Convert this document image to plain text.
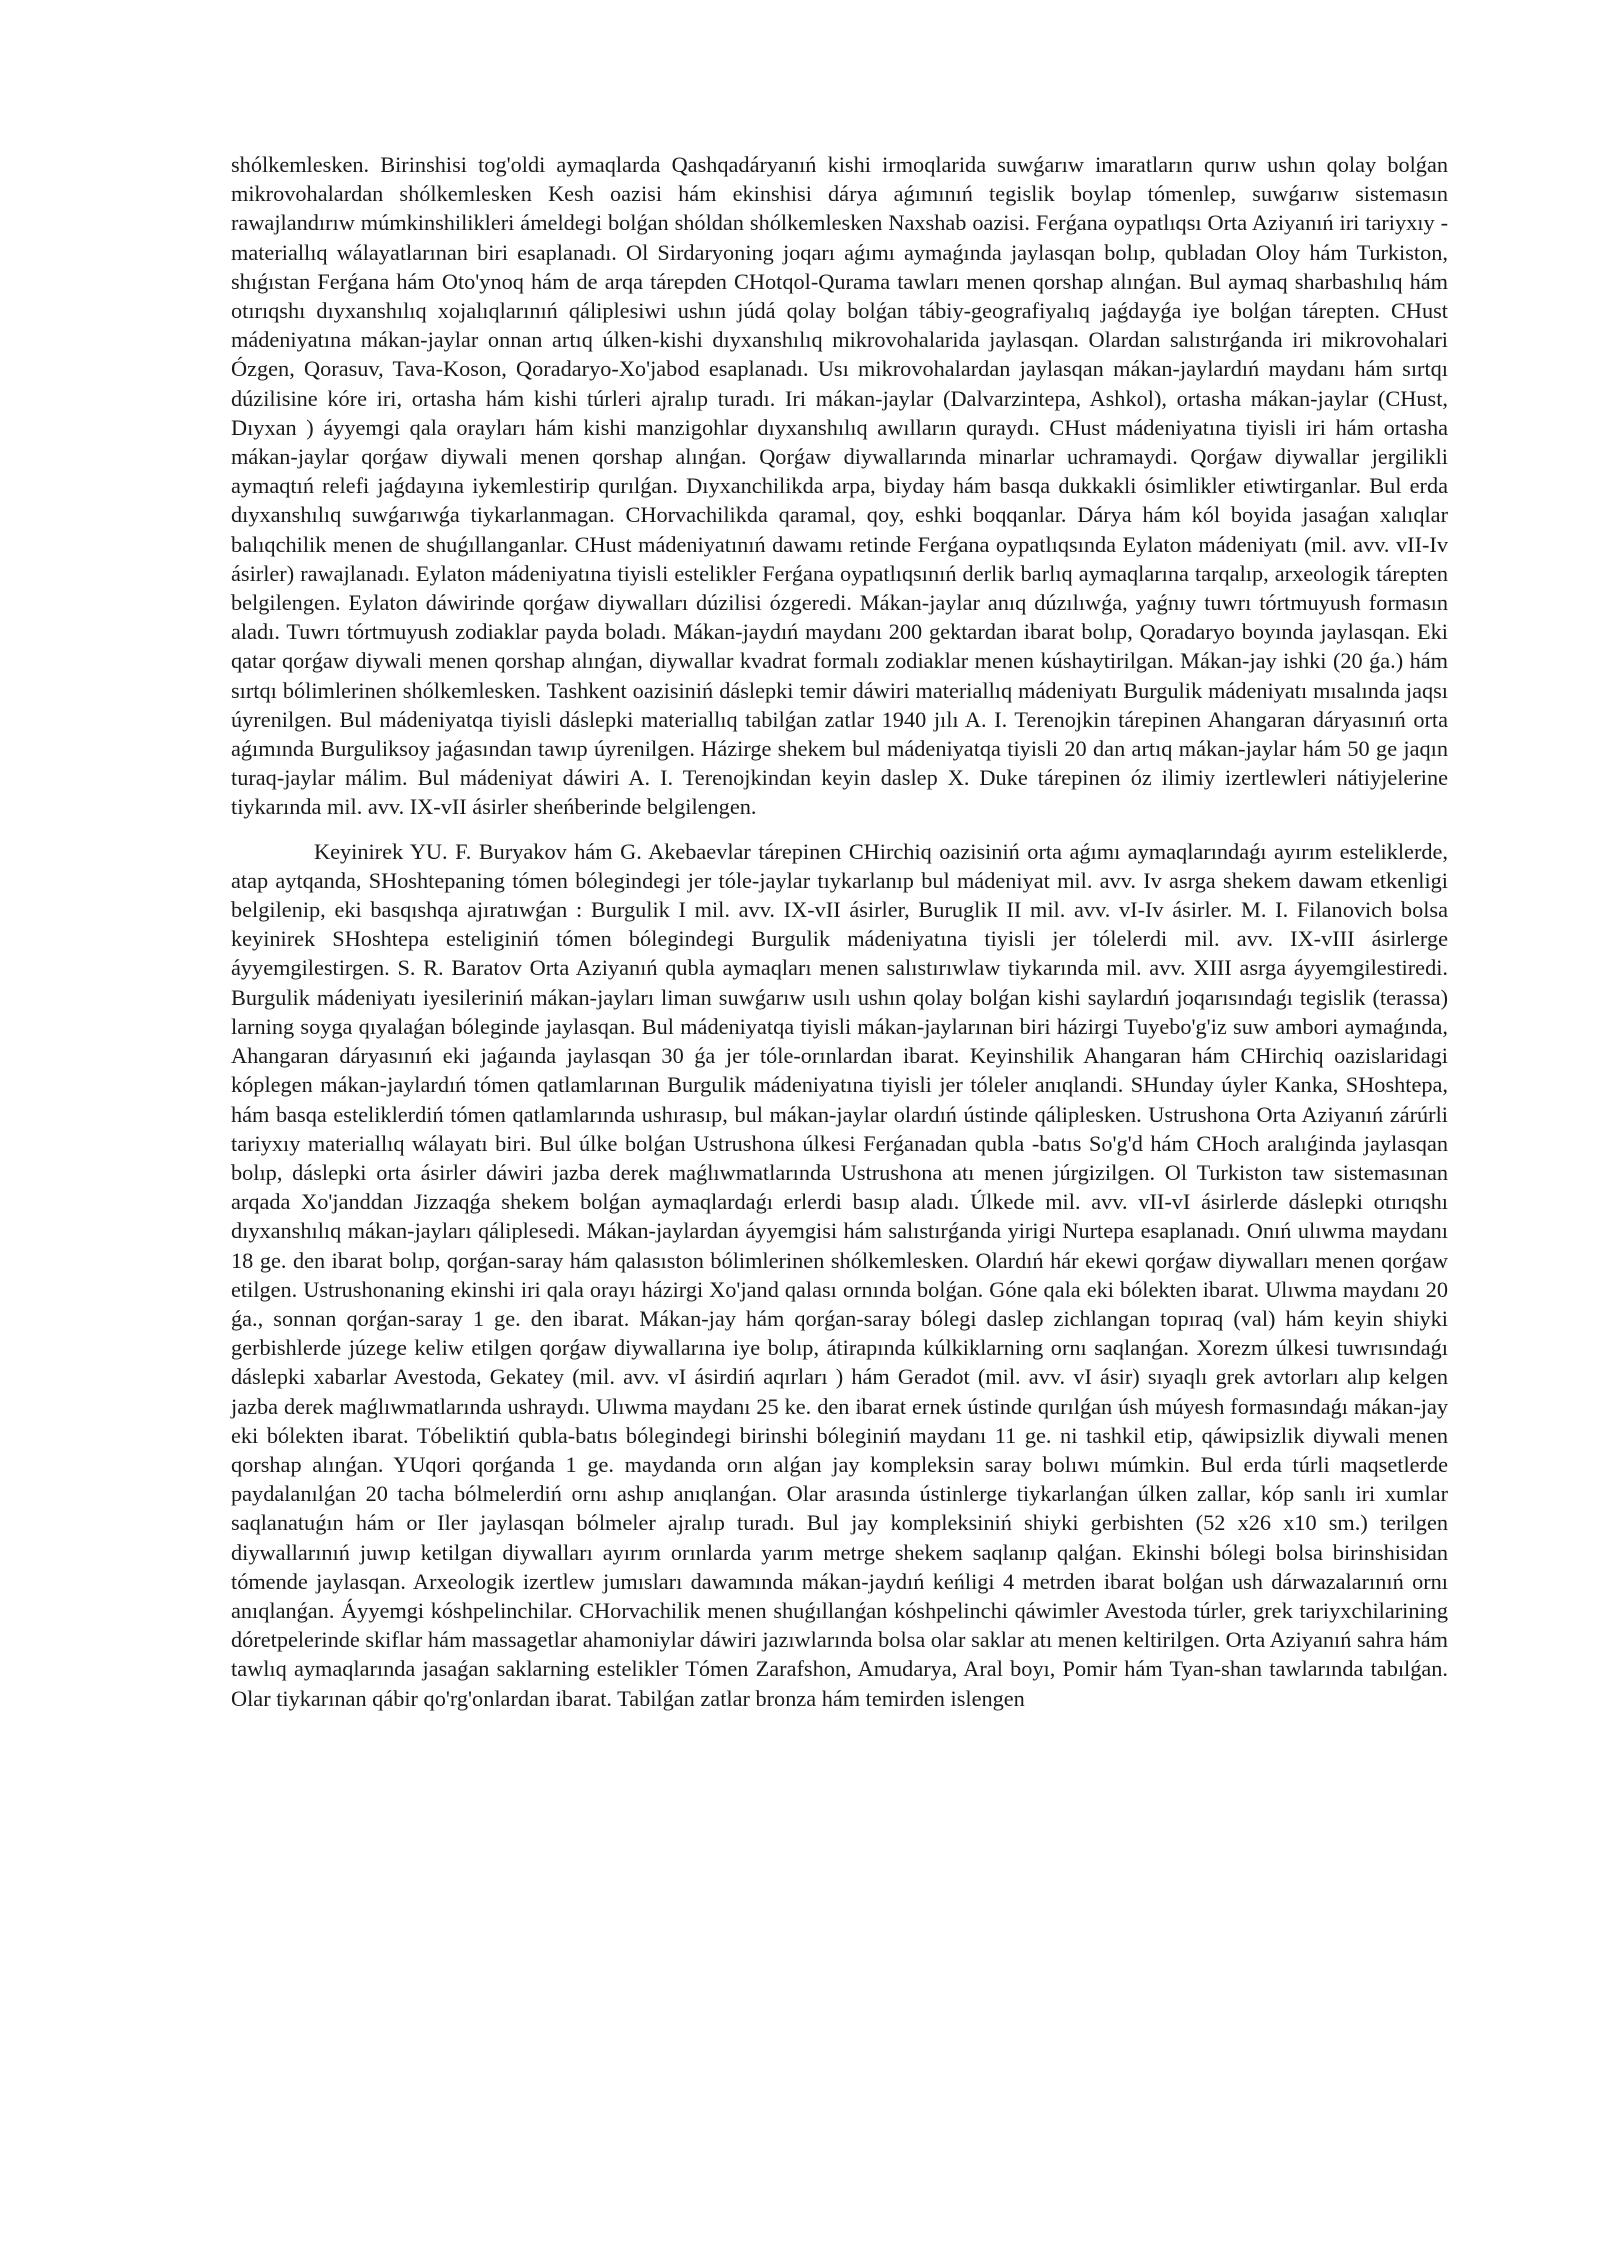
shólkemlesken. Birinshisi tog'oldi aymaqlarda Qashqadáryanıń kishi irmoqlarida suwǵarıw imaratların qurıw ushın qolay bolǵan mikrovohalardan shólkemlesken Kesh oazisi hám ekinshisi dárya aǵımınıń tegislik boylap tómenlep, suwǵarıw sistemasın rawajlandırıw múmkinshilikleri ámeldegi bolǵan shóldan shólkemlesken Naxshab oazisi. Ferǵana oypatlıqsı Orta Aziyanıń iri tariyxıy -materiallıq wálayatlarınan biri esaplanadı. Ol Sirdaryoning joqarı aǵımı aymaǵında jaylasqan bolıp, qubladan Oloy hám Turkiston, shıǵıstan Ferǵana hám Oto'ynoq hám de arqa tárepden CHotqol-Qurama tawları menen qorshap alınǵan. Bul aymaq sharbashılıq hám otırıqshı dıyxanshılıq xojalıqlarınıń qáliplesiwi ushın júdá qolay bolǵan tábiy-geografiyalıq jaǵdayǵa iye bolǵan tárepten. CHust mádeniyatına mákan-jaylar onnan artıq úlken-kishi dıyxanshılıq mikrovohalarida jaylasqan. Olardan salıstırǵanda iri mikrovohalari Ózgen, Qorasuv, Tava-Koson, Qoradaryo-Xo'jabod esaplanadı. Usı mikrovohalardan jaylasqan mákan-jaylardıń maydanı hám sırtqı dúzilisine kóre iri, ortasha hám kishi túrleri ajralıp turadı. Iri mákan-jaylar (Dalvarzintepa, Ashkol), ortasha mákan-jaylar (CHust, Dıyxan ) áyyemgi qala orayları hám kishi manzigohlar dıyxanshılıq awılların quraydı. CHust mádeniyatına tiyisli iri hám ortasha mákan-jaylar qorǵaw diywali menen qorshap alınǵan. Qorǵaw diywallarında minarlar uchramaydi. Qorǵaw diywallar jergilikli aymaqtıń relefi jaǵdayına iykemlestirip qurılǵan. Dıyxanchilikda arpa, biyday hám basqa dukkakli ósimlikler etiwtirganlar. Bul erda dıyxanshılıq suwǵarıwǵa tiykarlanmagan. CHorvachilikda qaramal, qoy, eshki boqqanlar. Dárya hám kól boyida jasaǵan xalıqlar balıqchilik menen de shuǵıllanganlar. CHust mádeniyatınıń dawamı retinde Ferǵana oypatlıqsında Eylaton mádeniyatı (mil. avv. vII-Iv ásirler) rawajlanadı. Eylaton mádeniyatına tiyisli estelikler Ferǵana oypatlıqsınıń derlik barlıq aymaqlarına tarqalıp, arxeologik tárepten belgilengen. Eylaton dáwirinde qorǵaw diywalları dúzilisi ózgeredi. Mákan-jaylar anıq dúzılıwǵa, yaǵnıy tuwrı tórtmuyush formasın aladı. Tuwrı tórtmuyush zodiaklar payda boladı. Mákan-jaydıń maydanı 200 gektardan ibarat bolıp, Qoradaryo boyında jaylasqan. Eki qatar qorǵaw diywali menen qorshap alınǵan, diywallar kvadrat formalı zodiaklar menen kúshaytirilgan. Mákan-jay ishki (20 ǵa.) hám sırtqı bólimlerinen shólkemlesken. Tashkent oazisiniń dáslepki temir dáwiri materiallıq mádeniyatı Burgulik mádeniyatı mısalında jaqsı úyrenilgen. Bul mádeniyatqa tiyisli dáslepki materiallıq tabilǵan zatlar 1940 jılı A. I. Terenojkin tárepinen Ahangaran dáryasınıń orta aǵımında Burguliksoy jaǵasından tawıp úyrenilgen. Házirge shekem bul mádeniyatqa tiyisli 20 dan artıq mákan-jaylar hám 50 ge jaqın turaq-jaylar málim. Bul mádeniyat dáwiri A. I. Terenojkindan keyin daslep X. Duke tárepinen óz ilimiy izertlewleri nátiyjelerine tiykarında mil. avv. IX-vII ásirler sheńberinde belgilengen.

Keyinirek YU. F. Buryakov hám G. Akebaevlar tárepinen CHirchiq oazisiniń orta aǵımı aymaqlarındaǵı ayırım esteliklerde, atap aytqanda, SHoshtepaning tómen bólegindegi jer tóle-jaylar tıykarlanıp bul mádeniyat mil. avv. Iv asrga shekem dawam etkenligi belgilenip, eki basqıshqa ajıratıwǵan : Burgulik I mil. avv. IX-vII ásirler, Buruglik II mil. avv. vI-Iv ásirler. M. I. Filanovich bolsa keyinirek SHoshtepa esteliginiń tómen bólegindegi Burgulik mádeniyatına tiyisli jer tólelerdi mil. avv. IX-vIII ásirlerge áyyemgilestirgen. S. R. Baratov Orta Aziyanıń qubla aymaqları menen salıstırıwlaw tiykarında mil. avv. XIII asrga áyyemgilestiredi. Burgulik mádeniyatı iyesileriniń mákan-jayları liman suwǵarıw usılı ushın qolay bolǵan kishi saylardıń joqarısındaǵı tegislik (terassa) larning soyga qıyalaǵan bóleginde jaylasqan. Bul mádeniyatqa tiyisli mákan-jaylarınan biri házirgi Tuyebo'g'iz suw ambori aymaǵında, Ahangaran dáryasınıń eki jaǵaında jaylasqan 30 ǵa jer tóle-orınlardan ibarat. Keyinshilik Ahangaran hám CHirchiq oazislaridagi kóplegen mákan-jaylardıń tómen qatlamlarınan Burgulik mádeniyatına tiyisli jer tóleler anıqlandi. SHunday úyler Kanka, SHoshtepa, hám basqa esteliklerdiń tómen qatlamlarında ushırasıp, bul mákan-jaylar olardıń ústinde qáliplesken. Ustrushona Orta Aziyanıń zárúrli tariyxıy materiallıq wálayatı biri. Bul úlke bolǵan Ustrushona úlkesi Ferǵanadan qubla -batıs So'g'd hám CHoch aralıǵinda jaylasqan bolıp, dáslepki orta ásirler dáwiri jazba derek maǵlıwmatlarında Ustrushona atı menen júrgizilgen. Ol Turkiston taw sistemasınan arqada Xo'janddan Jizzaqǵa shekem bolǵan aymaqlardaǵı erlerdi basıp aladı. Úlkede mil. avv. vII-vI ásirlerde dáslepki otırıqshı dıyxanshılıq mákan-jayları qáliplesedi. Mákan-jaylardan áyyemgisi hám salıstırǵanda yirigi Nurtepa esaplanadı. Onıń ulıwma maydanı 18 ge. den ibarat bolıp, qorǵan-saray hám qalasıston bólimlerinen shólkemlesken. Olardıń hár ekewi qorǵaw diywalları menen qorǵaw etilgen. Ustrushonaning ekinshi iri qala orayı házirgi Xo'jand qalası ornında bolǵan. Góne qala eki bólekten ibarat. Ulıwma maydanı 20 ǵa., sonnan qorǵan-saray 1 ge. den ibarat. Mákan-jay hám qorǵan-saray bólegi daslep zichlangan topıraq (val) hám keyin shiyki gerbishlerde júzege keliw etilgen qorǵaw diywallarına iye bolıp, átirapında kúlkiklarning ornı saqlanǵan. Xorezm úlkesi tuwrısındaǵı dáslepki xabarlar Avestoda, Gekatey (mil. avv. vI ásirdiń aqırları ) hám Geradot (mil. avv. vI ásir) sıyaqlı grek avtorları alıp kelgen jazba derek maǵlıwmatlarında ushraydı. Ulıwma maydanı 25 ke. den ibarat ernek ústinde qurılǵan úsh múyesh formasındaǵı mákan-jay eki bólekten ibarat. Tóbeliktiń qubla-batıs bólegindegi birinshi bóleginiń maydanı 11 ge. ni tashkil etip, qáwipsizlik diywali menen qorshap alınǵan. YUqori qorǵanda 1 ge. maydanda orın alǵan jay kompleksin saray bolıwı múmkin. Bul erda túrli maqsetlerde paydalanılǵan 20 tacha bólmelerdiń ornı ashıp anıqlanǵan. Olar arasında ústinlerge tiykarlanǵan úlken zallar, kóp sanlı iri xumlar saqlanatuǵın hám or Iler jaylasqan bólmeler ajralıp turadı. Bul jay kompleksiniń shiyki gerbishten (52 x26 x10 sm.) terilgen diywallarınıń juwıp ketilgan diywalları ayırım orınlarda yarım metrge shekem saqlanıp qalǵan. Ekinshi bólegi bolsa birinshisidan tómende jaylasqan. Arxeologik izertlew jumısları dawamında mákan-jaydıń keńligi 4 metrden ibarat bolǵan ush dárwazalarınıń ornı anıqlanǵan. Áyyemgi kóshpelinchilar. CHorvachilik menen shuǵıllanǵan kóshpelinchi qáwimler Avestoda túrler, grek tariyxchilarining dóretpelerinde skiflar hám massagetlar ahamoniylar dáwiri jazıwlarında bolsa olar saklar atı menen keltirilgen. Orta Aziyanıń sahra hám tawlıq aymaqlarında jasaǵan saklarning estelikler Tómen Zarafshon, Amudarya, Aral boyı, Pomir hám Tyan-shan tawlarında tabılǵan. Olar tiykarınan qábir qo'rg'onlardan ibarat. Tabilǵan zatlar bronza hám temirden islengen
